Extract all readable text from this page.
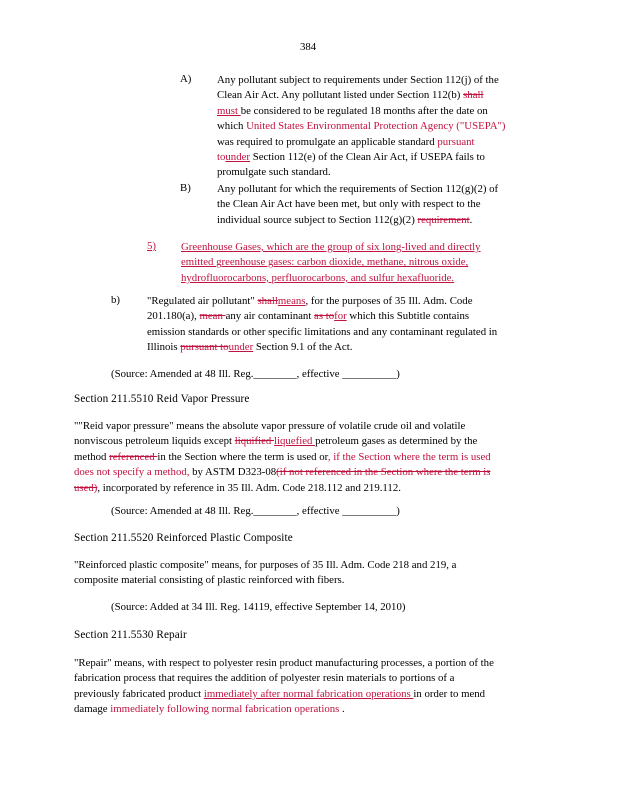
384
A) Any pollutant subject to requirements under Section 112(j) of the
Clean Air Act. Any pollutant listed under Section 112(b) shall
must be considered to be regulated 18 months after the date on
which United States Environmental Protection Agency ("USEPA")
was required to promulgate an applicable standard pursuant
tounder Section 112(e) of the Clean Air Act, if USEPA fails to
promulgate such standard.
B) Any pollutant for which the requirements of Section 112(g)(2) of
the Clean Air Act have been met, but only with respect to the
individual source subject to Section 112(g)(2) requirement.
5) Greenhouse Gases, which are the group of six long-lived and directly
emitted greenhouse gases: carbon dioxide, methane, nitrous oxide,
hydrofluorocarbons, perfluorocarbons, and sulfur hexafluoride.
b)	"Regulated air pollutant" shallmeans, for the purposes of 35 Ill. Adm. Code
201.180(a), mean any air contaminant as tofor which this Subtitle contains
emission standards or other specific limitations and any contaminant regulated in
Illinois pursuant tounder Section 9.1 of the Act.
(Source: Amended at 48 Ill. Reg.________, effective __________)
Section 211.5510 Reid Vapor Pressure
""Reid vapor pressure" means the absolute vapor pressure of volatile crude oil and volatile
nonviscous petroleum liquids except liquified liquefied petroleum gases as determined by the
method referenced in the Section where the term is used or, if the Section where the term is used
does not specify a method, by ASTM D323-08(if not referenced in the Section where the term is
used), incorporated by reference in 35 Ill. Adm. Code 218.112 and 219.112.
(Source: Amended at 48 Ill. Reg.________, effective __________)
Section 211.5520 Reinforced Plastic Composite
"Reinforced plastic composite" means, for purposes of 35 Ill. Adm. Code 218 and 219, a
composite material consisting of plastic reinforced with fibers.
(Source: Added at 34 Ill. Reg. 14119, effective September 14, 2010)
Section 211.5530 Repair
"Repair" means, with respect to polyester resin product manufacturing processes, a portion of the
fabrication process that requires the addition of polyester resin materials to portions of a
previously fabricated product immediately after normal fabrication operations in order to mend
damage immediately following normal fabrication operations .
